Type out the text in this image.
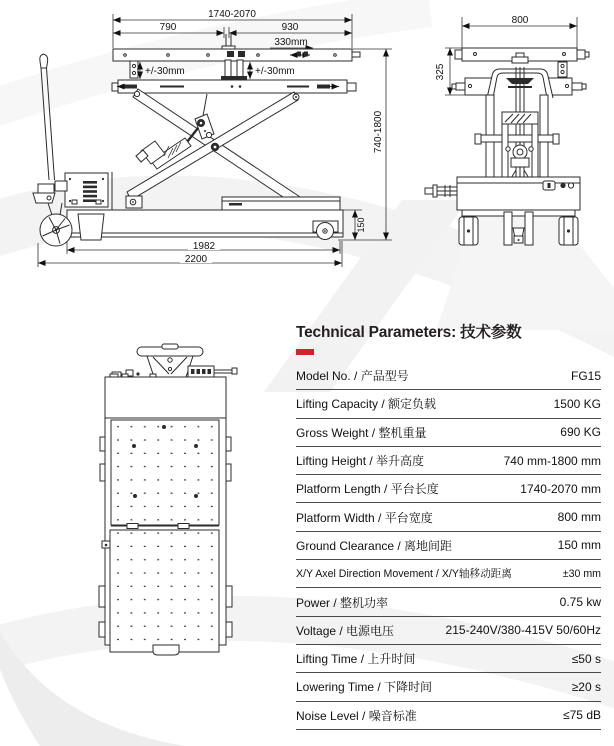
1740-2070
790	930
330mm
+/-30mm	+/-30mm
740-1800
150
1982
2200
800
325
Technical Parameters: 技术参数
Model No. / 产品型号	FG15
Lifting Capacity / 额定负载	1500 KG
Gross Weight / 整机重量	690 KG
Lifting Height / 举升高度	740 mm-1800 mm
Platform Length / 平台长度	1740-2070 mm
Platform Width / 平台宽度	800 mm
Ground Clearance / 离地间距	150 mm
X/Y Axel Direction Movement / X/Y轴移动距离	±30 mm
Power / 整机功率	0.75 kw
Voltage / 电源电压	215-240V/380-415V 50/60Hz
Lifting Time / 上升时间	≤50 s
Lowering Time / 下降时间	≥20 s
Noise Level / 噪音标准	≤75 dB
